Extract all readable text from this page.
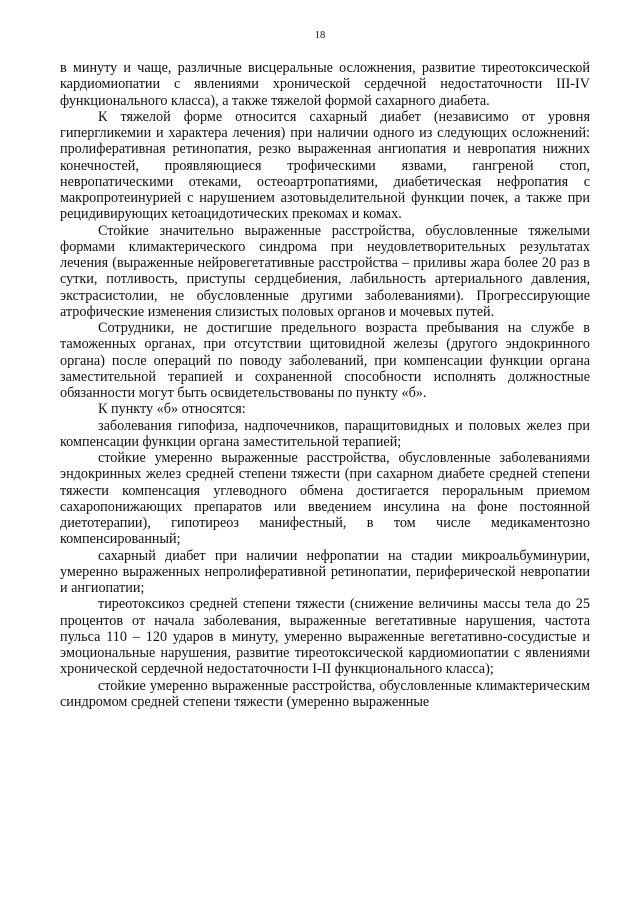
18

в минуту и чаще, различные висцеральные осложнения, развитие тиреотоксической кардиомиопатии с явлениями хронической сердечной недостаточности III-IV функционального класса), а также тяжелой формой сахарного диабета.

К тяжелой форме относится сахарный диабет (независимо от уровня гипергликемии и характера лечения) при наличии одного из следующих осложнений: пролиферативная ретинопатия, резко выраженная ангиопатия и невропатия нижних конечностей, проявляющиеся трофическими язвами, гангреной стоп, невропатическими отеками, остеоартропатиями, диабетическая нефропатия с макропротеинурией с нарушением азотовыделительной функции почек, а также при рецидивирующих кетоацидотических прекомах и комах.

Стойкие значительно выраженные расстройства, обусловленные тяжелыми формами климактерического синдрома при неудовлетворительных результатах лечения (выраженные нейровегетативные расстройства – приливы жара более 20 раз в сутки, потливость, приступы сердцебиения, лабильность артериального давления, экстрасистолии, не обусловленные другими заболеваниями). Прогрессирующие атрофические изменения слизистых половых органов и мочевых путей.

Сотрудники, не достигшие предельного возраста пребывания на службе в таможенных органах, при отсутствии щитовидной железы (другого эндокринного органа) после операций по поводу заболеваний, при компенсации функции органа заместительной терапией и сохраненной способности исполнять должностные обязанности могут быть освидетельствованы по пункту «б».

К пункту «б» относятся:

заболевания гипофиза, надпочечников, паращитовидных и половых желез при компенсации функции органа заместительной терапией;

стойкие умеренно выраженные расстройства, обусловленные заболеваниями эндокринных желез средней степени тяжести (при сахарном диабете средней степени тяжести компенсация углеводного обмена достигается пероральным приемом сахаропонижающих препаратов или введением инсулина на фоне постоянной диетотерапии), гипотиреоз манифестный, в том числе медикаментозно компенсированный;

сахарный диабет при наличии нефропатии на стадии микроальбуминурии, умеренно выраженных непролиферативной ретинопатии, периферической невропатии и ангиопатии;

тиреотоксикоз средней степени тяжести (снижение величины массы тела до 25 процентов от начала заболевания, выраженные вегетативные нарушения, частота пульса 110 – 120 ударов в минуту, умеренно выраженные вегетативно-сосудистые и эмоциональные нарушения, развитие тиреотоксической кардиомиопатии с явлениями хронической сердечной недостаточности I-II функционального класса);

стойкие умеренно выраженные расстройства, обусловленные климактерическим синдромом средней степени тяжести (умеренно выраженные
